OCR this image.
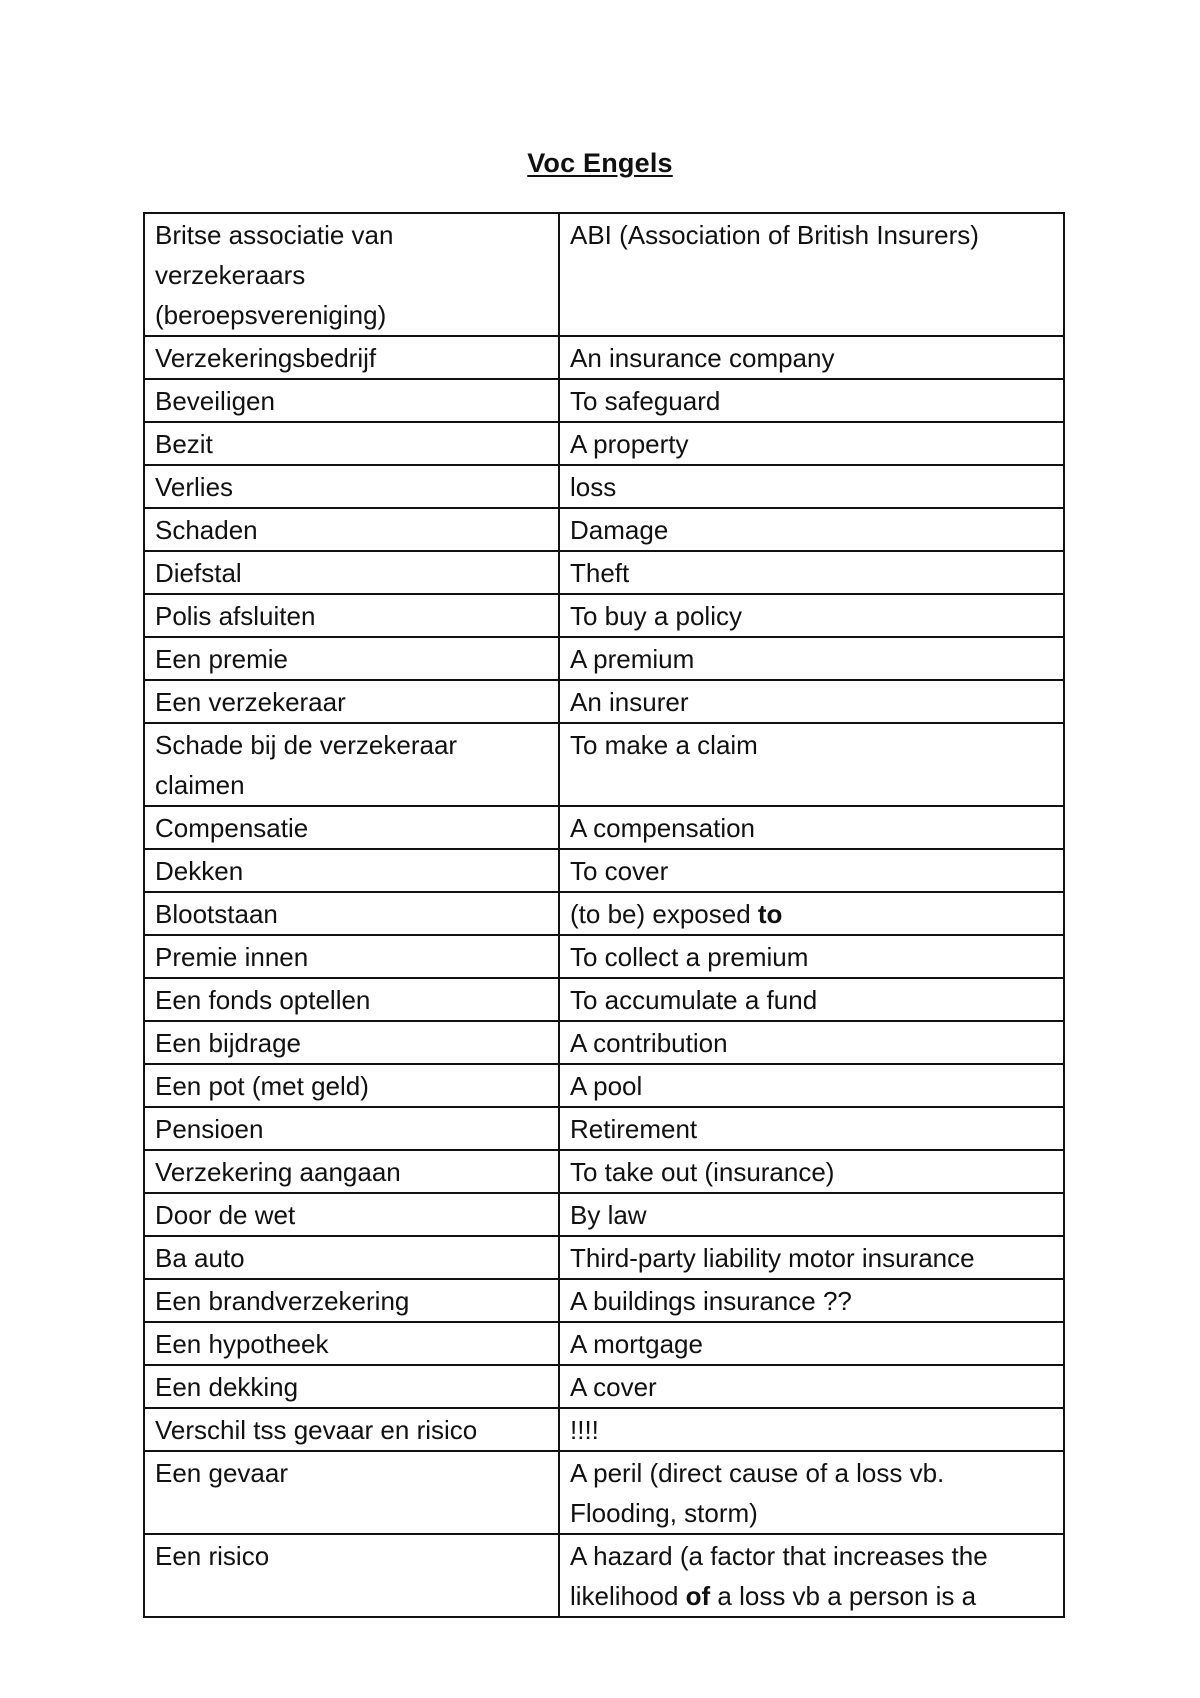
Voc Engels
Britse associatie van
verzekeraars
(beroepsvereniging)	ABI (Association of British Insurers)
Verzekeringsbedrijf	An insurance company
Beveiligen	To safeguard
Bezit	A property
Verlies	loss
Schaden	Damage
Diefstal	Theft
Polis afsluiten	To buy a policy
Een premie	A premium
Een verzekeraar	An insurer
Schade bij de verzekeraar
claimen	To make a claim
Compensatie	A compensation
Dekken	To cover
Blootstaan	(to be) exposed to
Premie innen	To collect a premium
Een fonds optellen	To accumulate a fund
Een bijdrage	A contribution
Een pot (met geld)	A pool
Pensioen	Retirement
Verzekering aangaan	To take out (insurance)
Door de wet	By law
Ba auto	Third-party liability motor insurance
Een brandverzekering	A buildings insurance ??
Een hypotheek	A mortgage
Een dekking	A cover
Verschil tss gevaar en risico	!!!!
Een gevaar	A peril (direct cause of a loss vb.
Flooding, storm)
Een risico	A hazard (a factor that increases the
likelihood of a loss vb a person is a
